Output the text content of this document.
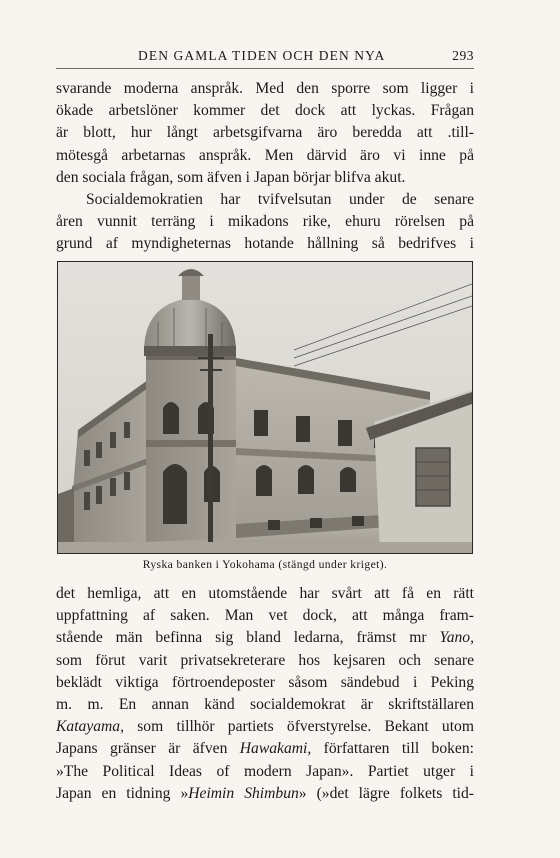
DEN GAMLA TIDEN OCH DEN NYA	293
svarande moderna anspråk. Med den sporre som ligger i
ökade arbetslöner kommer det dock att lyckas. Frågan
är blott, hur långt arbetsgifvarna äro beredda att .till-
mötesgå arbetarnas anspråk. Men därvid äro vi inne på
den sociala frågan, som äfven i Japan börjar blifva akut.
Socialdemokratien har tvifvelsutan under de senare
åren vunnit terräng i mikadons rike, ehuru rörelsen på
grund af myndigheternas hotande hållning så bedrifves i
Ryska banken i Yokohama (stängd under kriget).
det hemliga, att en utomstående har svårt att få en rätt
uppfattning af saken. Man vet dock, att många fram-
stående män befinna sig bland ledarna, främst mr Yano,
som förut varit privatsekreterare hos kejsaren och senare
beklädt viktiga förtroendeposter såsom sändebud i Peking
m. m. En annan känd socialdemokrat är skriftställaren
Katayama, som tillhör partiets öfverstyrelse. Bekant utom
Japans gränser är äfven Hawakami, författaren till boken:
»The Political Ideas of modern Japan». Partiet utger i
Japan en tidning »Heimin Shimbun» (»det lägre folkets tid-
